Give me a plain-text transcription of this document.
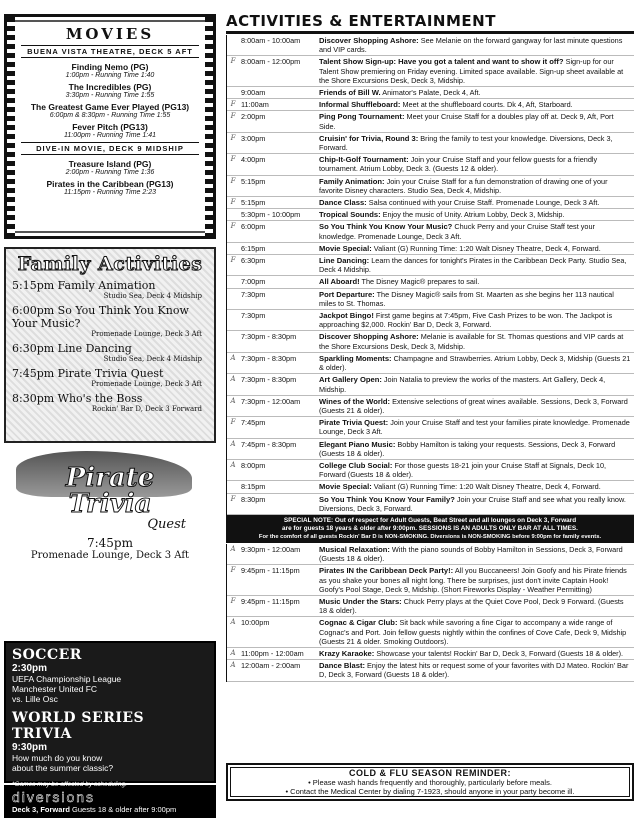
MOVIES
BUENA VISTA THEATRE, DECK 5 AFT
Finding Nemo (PG)
1:00pm - Running Time 1:40
The Incredibles (PG)
3:30pm - Running Time 1:55
The Greatest Game Ever Played (PG13)
6:00pm & 8:30pm - Running Time 1:55
Fever Pitch (PG13)
11:00pm - Running Time 1:41
DIVE-IN MOVIE, DECK 9 MIDSHIP
Treasure Island (PG)
2:00pm - Running Time 1:36
Pirates in the Caribbean (PG13)
11:15pm - Running Time 2:23
Family Activities
5:15pm Family Animation
Studio Sea, Deck 4 Midship
6:00pm So You Think You Know Your Music?
Promenade Lounge, Deck 3 Aft
6:30pm Line Dancing
Studio Sea, Deck 4 Midship
7:45pm Pirate Trivia Quest
Promenade Lounge, Deck 3 Aft
8:30pm Who's the Boss
Rockin' Bar D, Deck 3 Forward
Pirate
Trivia
Quest
7:45pm
Promenade Lounge, Deck 3 Aft
SOCCER
2:30pm
UEFA Championship League
Manchester United FC
vs. Lille Osc
WORLD SERIES TRIVIA
9:30pm
How much do you know
about the summer classic?
*Games may be affected by scheduling.
diversions
Deck 3, Forward Guests 18 & older after 9:00pm
ACTIVITIES & ENTERTAINMENT
8:00am - 10:00am	Discover Shopping Ashore: See Melanie on the forward gangway for last minute questions and VIP cards.
F 8:00am - 12:00pm	Talent Show Sign-up: Have you got a talent and want to show it off? Sign-up for our Talent Show premiering on Friday evening. Limited space available. Sign-up sheet available at the Shore Excursions Desk, Deck 3, Midship.
9:00am	Friends of Bill W. Animator's Palate, Deck 4, Aft.
F 11:00am	Informal Shuffleboard: Meet at the shuffleboard courts. Dk 4, Aft, Starboard.
F 2:00pm	Ping Pong Tournament: Meet your Cruise Staff for a doubles play off at. Deck 9, Aft, Port Side.
F 3:00pm	Cruisin' for Trivia, Round 3: Bring the family to test your knowledge. Diversions, Deck 3, Forward.
F 4:00pm	Chip-It-Golf Tournament: Join your Cruise Staff and your fellow guests for a friendly tournament. Atrium Lobby, Deck 3. (Guests 12 & older).
F 5:15pm	Family Animation: Join your Cruise Staff for a fun demonstration of drawing one of your favorite Disney characters. Studio Sea, Deck 4, Midship.
F 5:15pm	Dance Class: Salsa continued with your Cruise Staff. Promenade Lounge, Deck 3 Aft.
5:30pm - 10:00pm	Tropical Sounds: Enjoy the music of Unity. Atrium Lobby, Deck 3, Midship.
F 6:00pm	So You Think You Know Your Music? Chuck Perry and your Cruise Staff test your knowledge. Promenade Lounge, Deck 3 Aft.
6:15pm	Movie Special: Valiant (G) Running Time: 1:20 Walt Disney Theatre, Deck 4, Forward.
F 6:30pm	Line Dancing: Learn the dances for tonight's Pirates in the Caribbean Deck Party. Studio Sea, Deck 4 Midship.
7:00pm	All Aboard! The Disney Magic® prepares to sail.
7:30pm	Port Departure: The Disney Magic® sails from St. Maarten as she begins her 113 nautical miles to St. Thomas.
7:30pm	Jackpot Bingo! First game begins at 7:45pm, Five Cash Prizes to be won. The Jackpot is approaching $2,000. Rockin' Bar D, Deck 3, Forward.
7:30pm - 8:30pm	Discover Shopping Ashore: Melanie is available for St. Thomas questions and VIP cards at the Shore Excursions Desk, Deck 3, Midship.
A 7:30pm - 8:30pm	Sparkling Moments: Champagne and Strawberries. Atrium Lobby, Deck 3, Midship (Guests 21 & older).
A 7:30pm - 8:30pm	Art Gallery Open: Join Natalia to preview the works of the masters. Art Gallery, Deck 4, Midship.
A 7:30pm - 12:00am	Wines of the World: Extensive selections of great wines available. Sessions, Deck 3, Forward (Guests 21 & older).
F 7:45pm	Pirate Trivia Quest: Join your Cruise Staff and test your families pirate knowledge. Promenade Lounge, Deck 3 Aft.
A 7:45pm - 8:30pm	Elegant Piano Music: Bobby Hamilton is taking your requests. Sessions, Deck 3, Forward (Guests 18 & older).
A 8:00pm	College Club Social: For those guests 18-21 join your Cruise Staff at Signals, Deck 10, Forward (Guests 18 & older).
8:15pm	Movie Special: Valiant (G) Running Time: 1:20 Walt Disney Theatre, Deck 4, Forward.
F 8:30pm	So You Think You Know Your Family? Join your Cruise Staff and see what you really know. Diversions, Deck 3, Forward.
SPECIAL NOTE: Out of respect for Adult Guests, Beat Street and all lounges on Deck 3, Forward
are for guests 18 years & older after 9:00pm. SESSIONS IS AN ADULTS ONLY BAR AT ALL TIMES.
For the comfort of all guests Rockin' Bar D is NON-SMOKING. Diversions is NON-SMOKING before 9:00pm for family events.
A 9:30pm - 12:00am	Musical Relaxation: With the piano sounds of Bobby Hamilton in Sessions, Deck 3, Forward (Guests 18 & older).
F 9:45pm - 11:15pm	Pirates IN the Caribbean Deck Party!: All you Buccaneers! Join Goofy and his Pirate friends as you shake your bones all night long. There be surprises, just don't invite Captain Hook! Goofy's Pool Stage, Deck 9, Midship. (Short Fireworks Display - Weather Permitting)
F 9:45pm - 11:15pm	Music Under the Stars: Chuck Perry plays at the Quiet Cove Pool, Deck 9 Forward. (Guests 18 & older).
A 10:00pm	Cognac & Cigar Club: Sit back while savoring a fine Cigar to accompany a wide range of Cognac's and Port. Join fellow guests nightly within the confines of Cove Cafe, Deck 9, Midship (Guests 21 & older. Smoking Outdoors).
A 11:00pm - 12:00am	Krazy Karaoke: Showcase your talents! Rockin' Bar D, Deck 3, Forward (Guests 18 & older).
A 12:00am - 2:00am	Dance Blast: Enjoy the latest hits or request some of your favorites with DJ Mateo. Rockin' Bar D, Deck 3, Forward (Guests 18 & older).
COLD & FLU SEASON REMINDER:
• Please wash hands frequently and thoroughly, particularly before meals.
• Contact the Medical Center by dialing 7-1923, should anyone in your party become ill.
